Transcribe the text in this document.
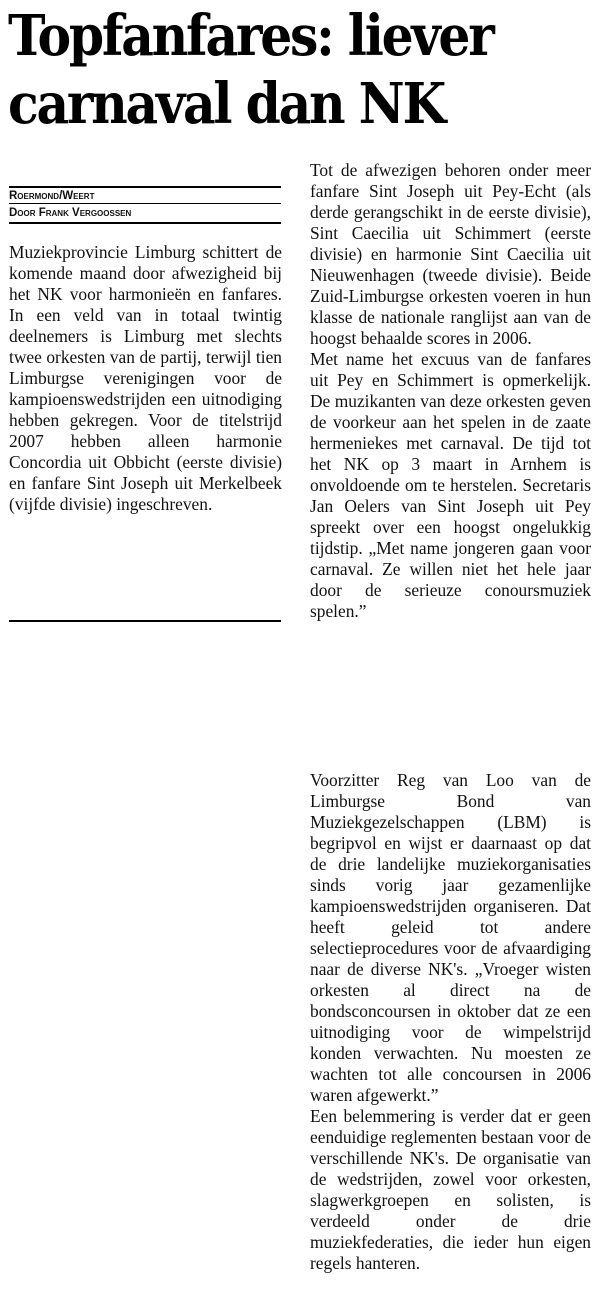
Topfanfares: liever
carnaval dan NK
Roermond/Weert
Door Frank Vergoossen

Muziekprovincie Limburg schittert de komende maand door afwezigheid bij het NK voor harmonieën en fanfares. In een veld van in totaal twintig deelnemers is Limburg met slechts twee orkesten van de partij, terwijl tien Limburgse verenigingen voor de kampioenswedstrijden een uitnodiging hebben gekregen. Voor de titelstrijd 2007 hebben alleen harmonie Concordia uit Obbicht (eerste divisie) en fanfare Sint Joseph uit Merkelbeek (vijfde divisie) ingeschreven.

Tot de afwezigen behoren onder meer fanfare Sint Joseph uit Pey-Echt (als derde gerangschikt in de eerste divisie), Sint Caecilia uit Schimmert (eerste divisie) en harmonie Sint Caecilia uit Nieuwenhagen (tweede divisie). Beide Zuid-Limburgse orkesten voeren in hun klasse de nationale ranglijst aan van de hoogst behaalde scores in 2006.

Met name het excuus van de fanfares uit Pey en Schimmert is opmerkelijk. De muzikanten van deze orkesten geven de voorkeur aan het spelen in de zaate hermeniekes met carnaval. De tijd tot het NK op 3 maart in Arnhem is onvoldoende om te herstelen. Secretaris Jan Oelers van Sint Joseph uit Pey spreekt over een hoogst ongelukkig tijdstip. „Met name jongeren gaan voor carnaval. Ze willen niet het hele jaar door de serieuze conoursmuziek spelen.”

Voorzitter Reg van Loo van de Limburgse Bond van Muziekgezelschappen (LBM) is begripvol en wijst er daarnaast op dat de drie landelijke muziekorganisaties sinds vorig jaar gezamenlijke kampioenswedstrijden organiseren. Dat heeft geleid tot andere selectieprocedures voor de afvaardiging naar de diverse NK's. „Vroeger wisten orkesten al direct na de bondsconcoursen in oktober dat ze een uitnodiging voor de wimpelstrijd konden verwachten. Nu moesten ze wachten tot alle concoursen in 2006 waren afgewerkt.”

Een belemmering is verder dat er geen eenduidige reglementen bestaan voor de verschillende NK's. De organisatie van de wedstrijden, zowel voor orkesten, slagwerkgroepen en solisten, is verdeeld onder de drie muziekfederaties, die ieder hun eigen regels hanteren.
